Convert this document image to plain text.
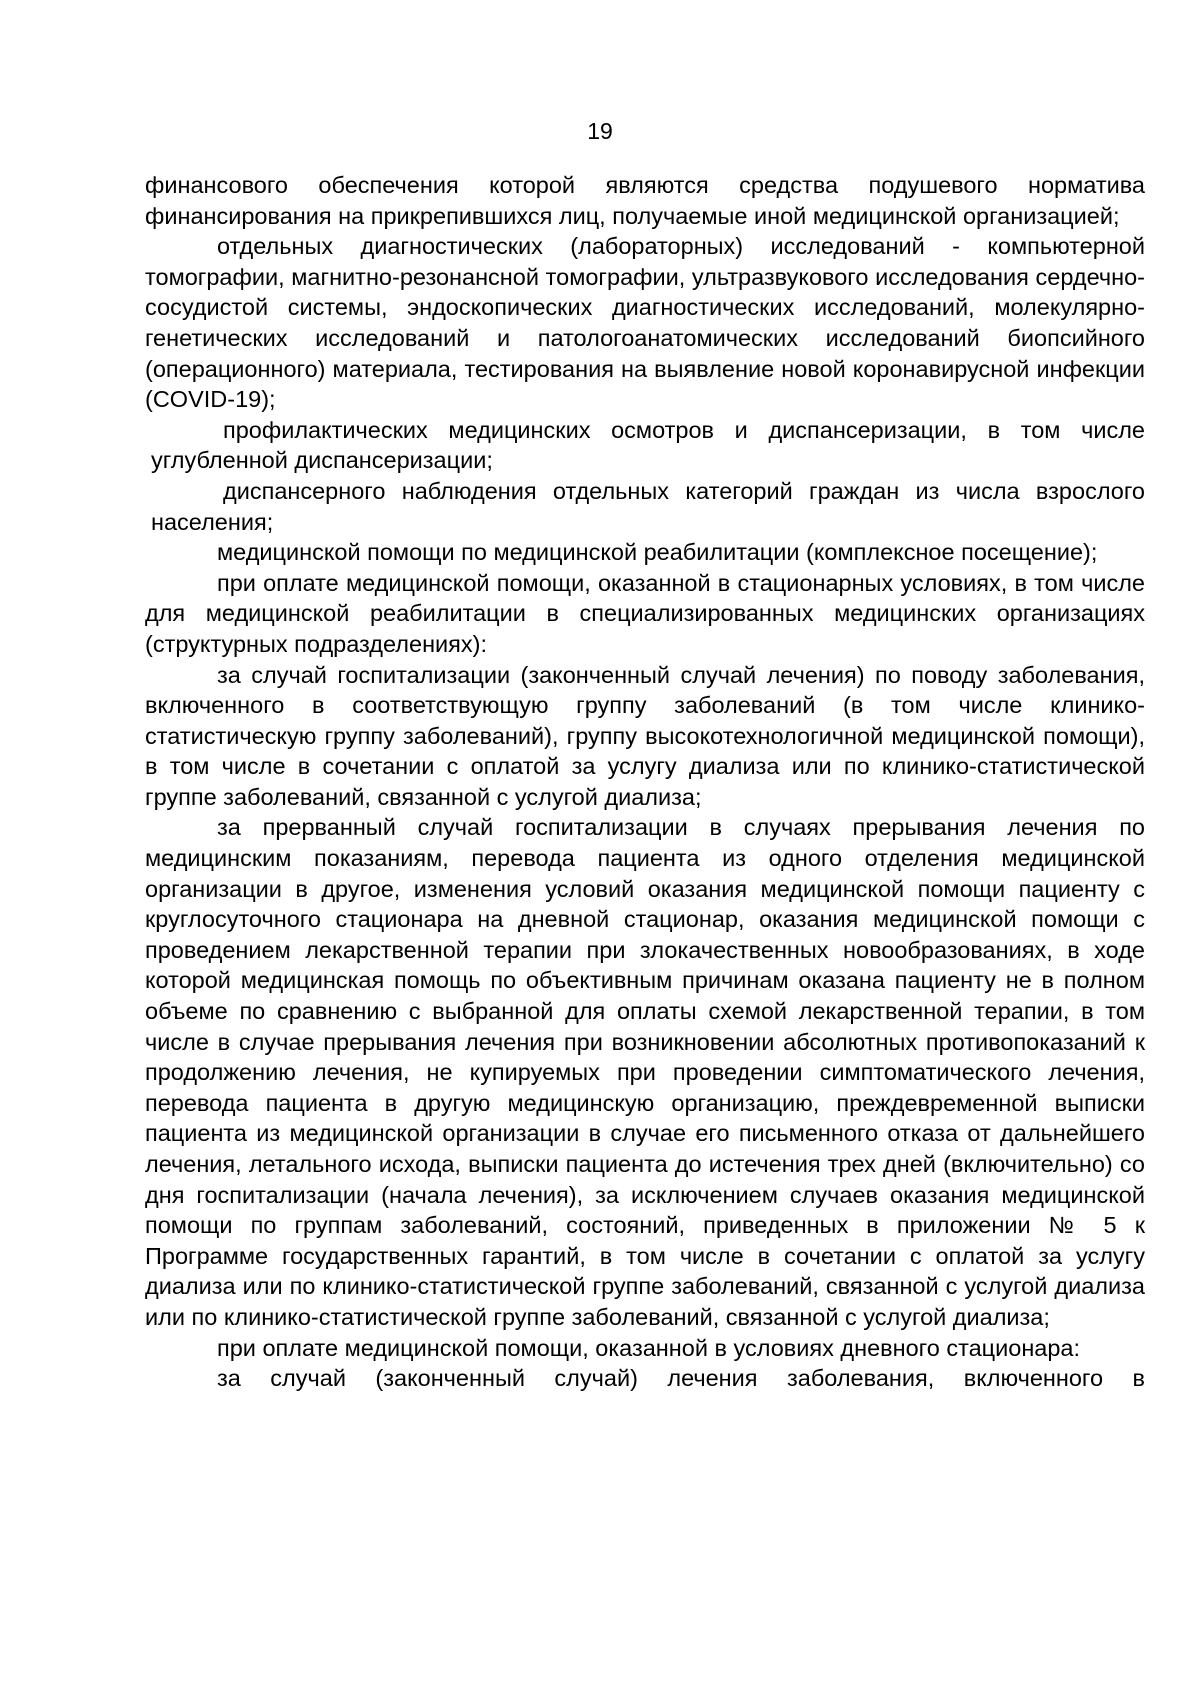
19

финансового обеспечения которой являются средства подушевого норматива финансирования на прикрепившихся лиц, получаемые иной медицинской организацией;

отдельных диагностических (лабораторных) исследований - компьютерной томографии, магнитно-резонансной томографии, ультразвукового исследования сердечно-сосудистой системы, эндоскопических диагностических исследований, молекулярно-генетических исследований и патологоанатомических исследований биопсийного (операционного) материала, тестирования на выявление новой коронавирусной инфекции (COVID-19);

профилактических медицинских осмотров и диспансеризации, в том числе углубленной диспансеризации;

диспансерного наблюдения отдельных категорий граждан из числа взрослого населения;

медицинской помощи по медицинской реабилитации (комплексное посещение);

при оплате медицинской помощи, оказанной в стационарных условиях, в том числе для медицинской реабилитации в специализированных медицинских организациях (структурных подразделениях):

за случай госпитализации (законченный случай лечения) по поводу заболевания, включенного в соответствующую группу заболеваний (в том числе клинико-статистическую группу заболеваний), группу высокотехнологичной медицинской помощи), в том числе в сочетании с оплатой за услугу диализа или по клинико-статистической группе заболеваний, связанной с услугой диализа;

за прерванный случай госпитализации в случаях прерывания лечения по медицинским показаниям, перевода пациента из одного отделения медицинской организации в другое, изменения условий оказания медицинской помощи пациенту с круглосуточного стационара на дневной стационар, оказания медицинской помощи с проведением лекарственной терапии при злокачественных новообразованиях, в ходе которой медицинская помощь по объективным причинам оказана пациенту не в полном объеме по сравнению с выбранной для оплаты схемой лекарственной терапии, в том числе в случае прерывания лечения при возникновении абсолютных противопоказаний к продолжению лечения, не купируемых при проведении симптоматического лечения, перевода пациента в другую медицинскую организацию, преждевременной выписки пациента из медицинской организации в случае его письменного отказа от дальнейшего лечения, летального исхода, выписки пациента до истечения трех дней (включительно) со дня госпитализации (начала лечения), за исключением случаев оказания медицинской помощи по группам заболеваний, состояний, приведенных в приложении № 5 к Программе государственных гарантий, в том числе в сочетании с оплатой за услугу диализа или по клинико-статистической группе заболеваний, связанной с услугой диализа или по клинико-статистической группе заболеваний, связанной с услугой диализа;

при оплате медицинской помощи, оказанной в условиях дневного стационара:

за случай (законченный случай) лечения заболевания, включенного в
